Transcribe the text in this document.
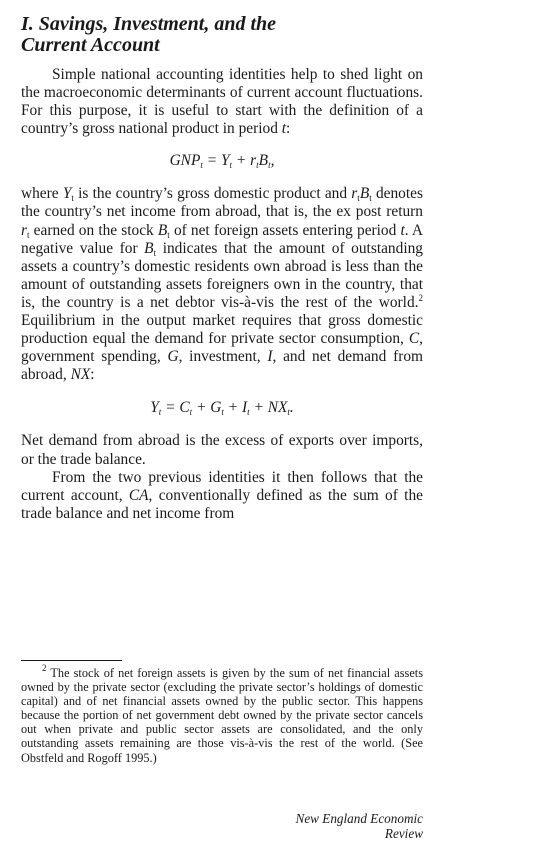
I. Savings, Investment, and the
Current Account

Simple national accounting identities help to shed light on the macroeconomic determinants of current account fluctuations. For this purpose, it is useful to start with the definition of a country’s gross national product in period t:

$GNP_t = Y_t + r_tB_t$,

where $Y_t$ is the country’s gross domestic product and $r_tB_t$ denotes the country’s net income from abroad, that is, the ex post return $r_t$ earned on the stock $B_t$ of net foreign assets entering period t. A negative value for $B_t$ indicates that the amount of outstanding assets a country’s domestic residents own abroad is less than the amount of outstanding assets foreigners own in the country, that is, the country is a net debtor vis-à-vis the rest of the world.$^2$ Equilibrium in the output market requires that gross domestic production equal the demand for private sector consumption, C, government spending, G, investment, I, and net demand from abroad, NX:

$Y_t = C_t + G_t + I_t + NX_t$.

Net demand from abroad is the excess of exports over imports, or the trade balance.

From the two previous identities it then follows that the current account, CA, conventionally defined as the sum of the trade balance and net income from

$^2$ The stock of net foreign assets is given by the sum of net financial assets owned by the private sector (excluding the private sector’s holdings of domestic capital) and of net financial assets owned by the public sector. This happens because the portion of net government debt owned by the private sector cancels out when private and public sector assets are consolidated, and the only outstanding assets remaining are those vis-à-vis the rest of the world. (See Obstfeld and Rogoff 1995.)

New England Economic Review
